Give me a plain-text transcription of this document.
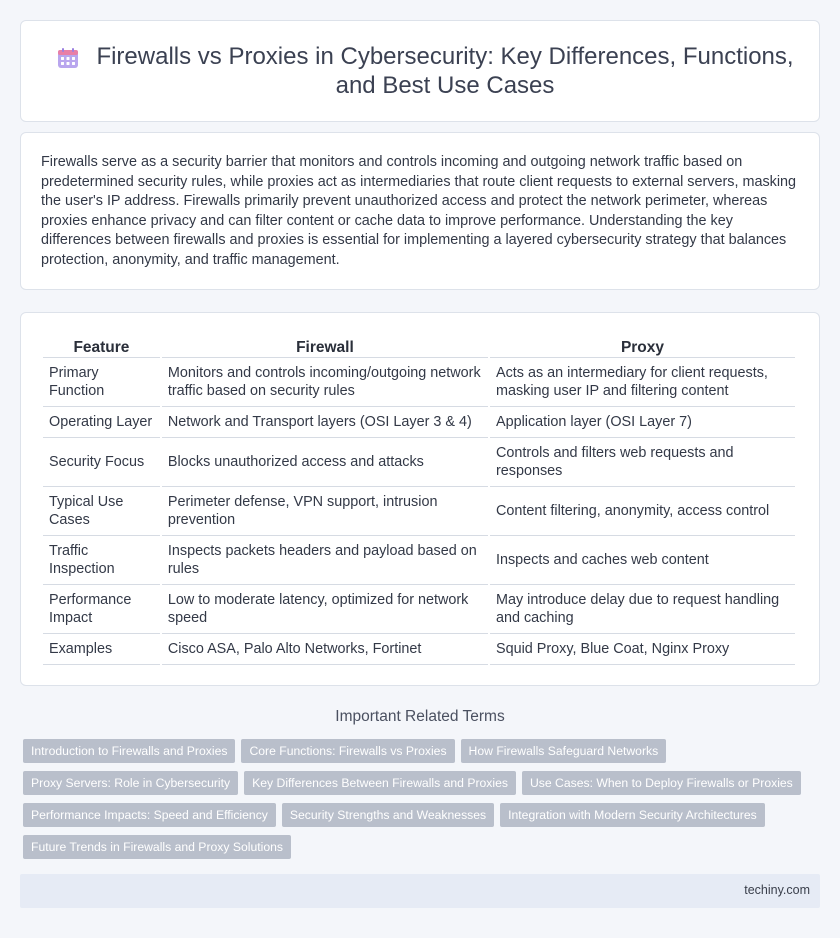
Firewalls vs Proxies in Cybersecurity: Key Differences, Functions, and Best Use Cases

Firewalls serve as a security barrier that monitors and controls incoming and outgoing network traffic based on predetermined security rules, while proxies act as intermediaries that route client requests to external servers, masking the user's IP address. Firewalls primarily prevent unauthorized access and protect the network perimeter, whereas proxies enhance privacy and can filter content or cache data to improve performance. Understanding the key differences between firewalls and proxies is essential for implementing a layered cybersecurity strategy that balances protection, anonymity, and traffic management.

Feature	Firewall	Proxy
Primary Function	Monitors and controls incoming/outgoing network traffic based on security rules	Acts as an intermediary for client requests, masking user IP and filtering content
Operating Layer	Network and Transport layers (OSI Layer 3 & 4)	Application layer (OSI Layer 7)
Security Focus	Blocks unauthorized access and attacks	Controls and filters web requests and responses
Typical Use Cases	Perimeter defense, VPN support, intrusion prevention	Content filtering, anonymity, access control
Traffic Inspection	Inspects packets headers and payload based on rules	Inspects and caches web content
Performance Impact	Low to moderate latency, optimized for network speed	May introduce delay due to request handling and caching
Examples	Cisco ASA, Palo Alto Networks, Fortinet	Squid Proxy, Blue Coat, Nginx Proxy
Important Related Terms
Introduction to Firewalls and Proxies	Core Functions: Firewalls vs Proxies	How Firewalls Safeguard Networks
Proxy Servers: Role in Cybersecurity	Key Differences Between Firewalls and Proxies	Use Cases: When to Deploy Firewalls or Proxies
Performance Impacts: Speed and Efficiency	Security Strengths and Weaknesses	Integration with Modern Security Architectures
Future Trends in Firewalls and Proxy Solutions
techiny.com
